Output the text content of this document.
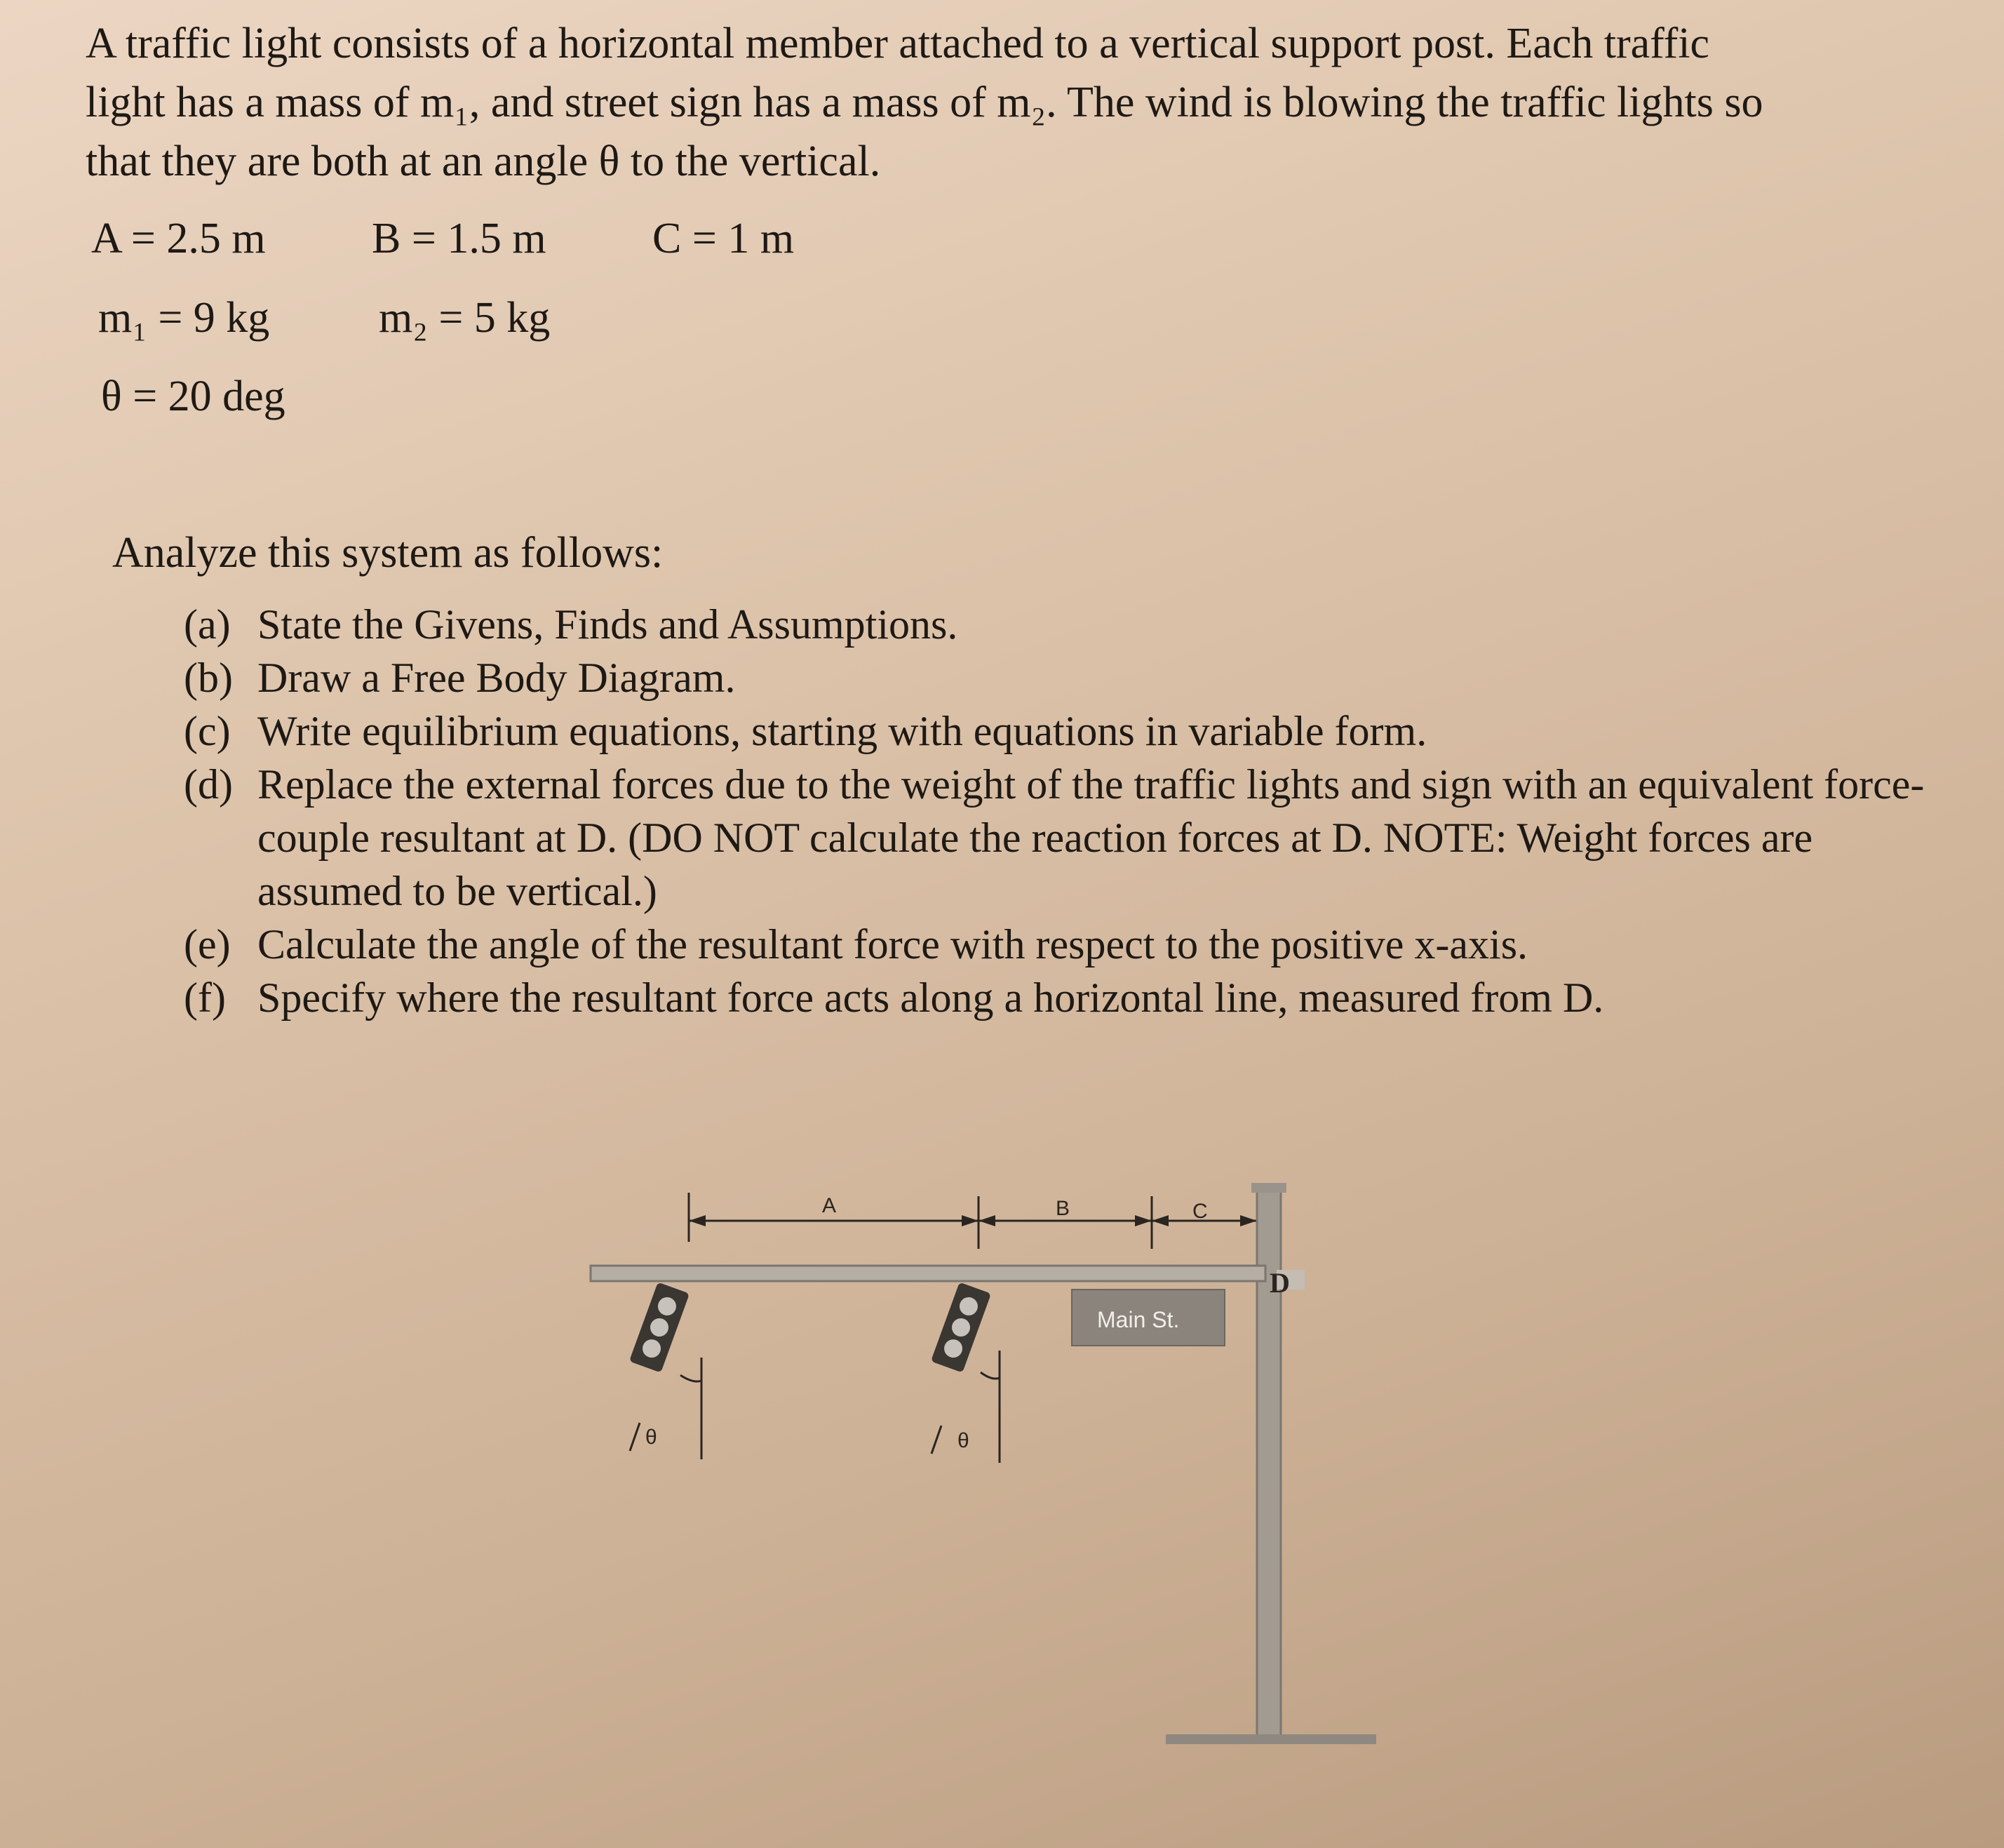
A traffic light consists of a horizontal member attached to a vertical support post. Each traffic

light has a mass of m₁, and street sign has a mass of m₂. The wind is blowing the traffic lights so

that they are both at an angle θ to the vertical.

A = 2.5 m B = 1.5 m C = 1 m
m₁ = 9 kg	m₂ = 5 kg
θ = 20 deg
Analyze this system as follows:
(a) State the Givens, Finds and Assumptions.
(b) Draw a Free Body Diagram.
(c) Write equilibrium equations, starting with equations in variable form.
(d) Replace the external forces due to the weight of the traffic lights and sign with an equivalent force-couple resultant at D. (DO NOT calculate the reaction forces at D. NOTE: Weight forces are assumed to be vertical.)
(e) Calculate the angle of the resultant force with respect to the positive x-axis.
(f) Specify where the resultant force acts along a horizontal line, measured from D.
A	B	C
D
Main St.
θ	θ
